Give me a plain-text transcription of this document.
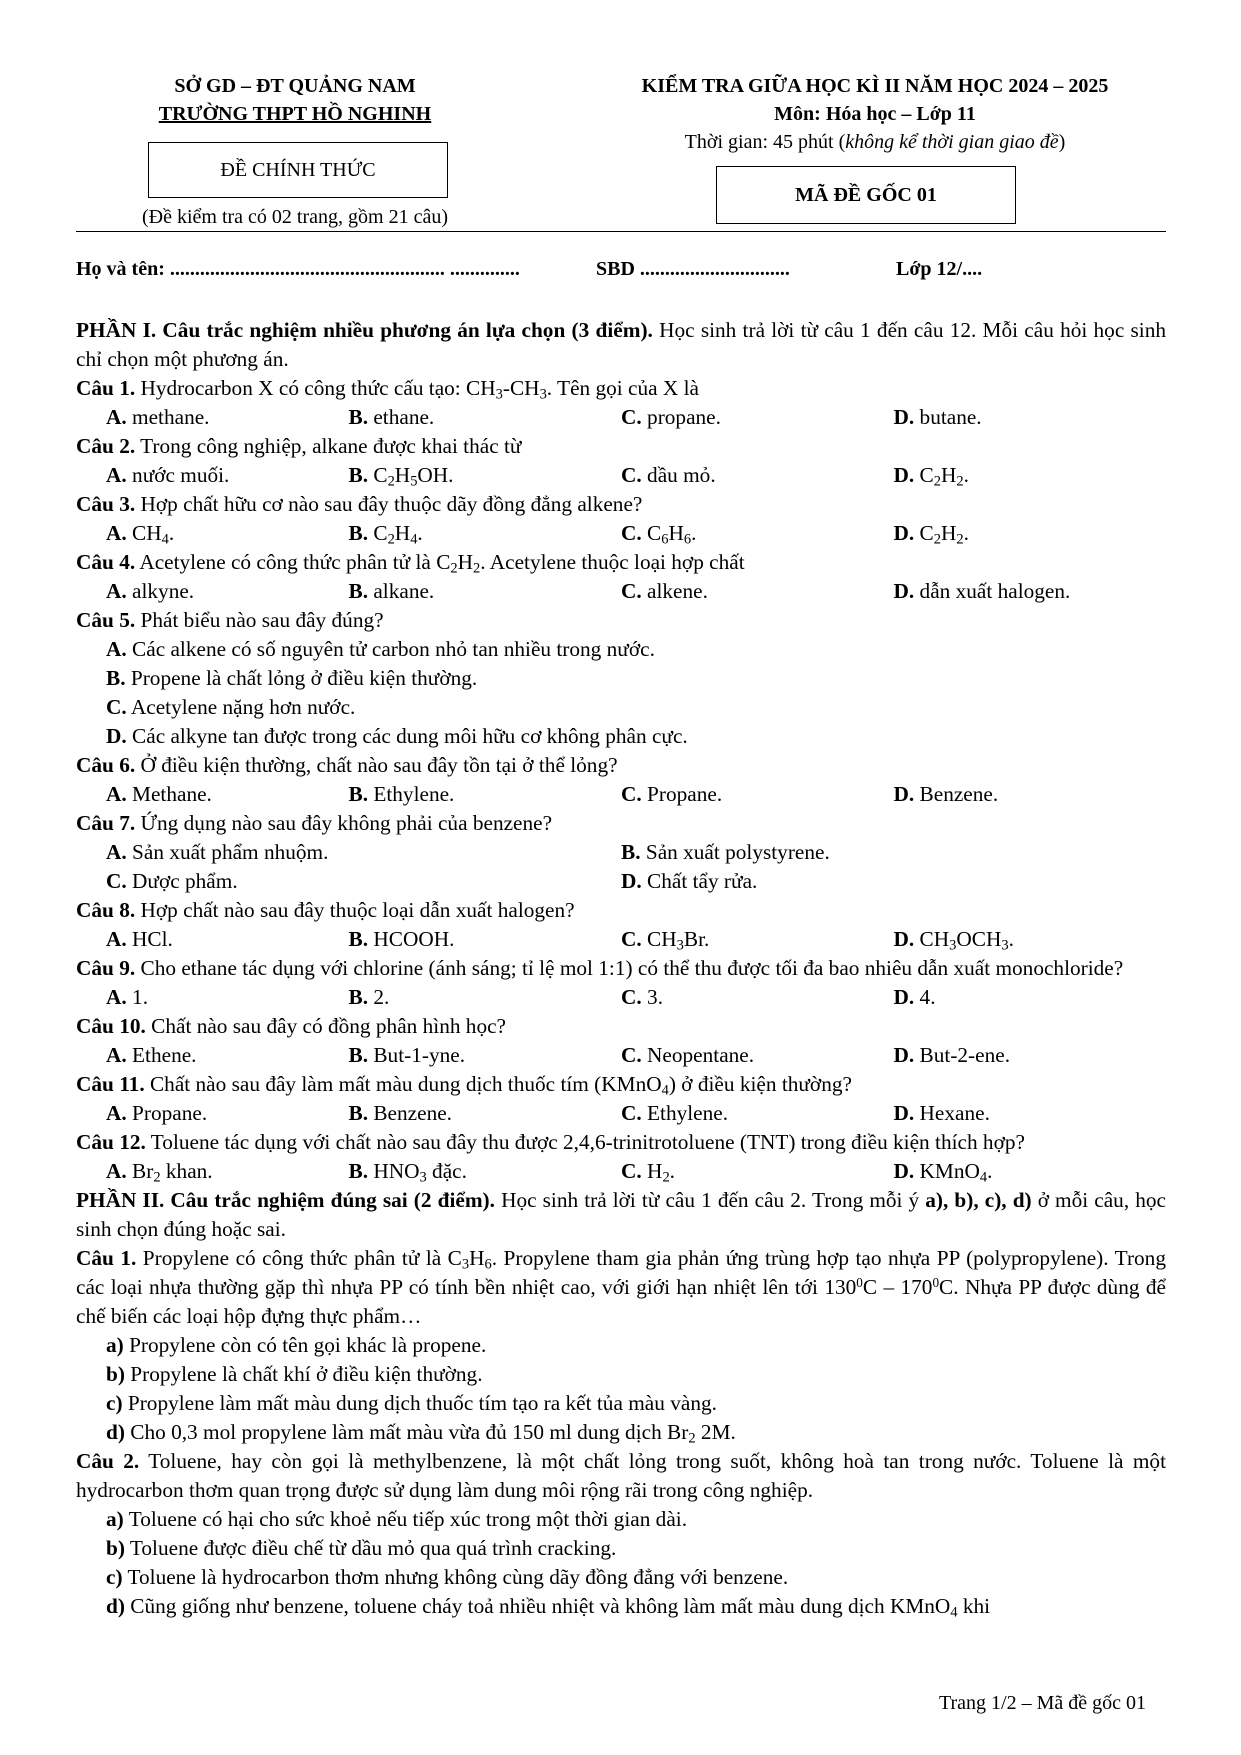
SỞ GD – ĐT QUẢNG NAM
TRƯỜNG THPT HỒ NGHINH
ĐỀ CHÍNH THỨC
(Đề kiểm tra có 02 trang, gồm 21 câu)
KIỂM TRA GIỮA HỌC KÌ II NĂM HỌC 2024 – 2025
Môn: Hóa học – Lớp 11
Thời gian: 45 phút (không kể thời gian giao đề)
MÃ ĐỀ GỐC 01
Họ và tên: ....................................................... ..............	SBD ..............................	Lớp 12/....

PHẦN I. Câu trắc nghiệm nhiều phương án lựa chọn (3 điểm). Học sinh trả lời từ câu 1 đến câu 12. Mỗi câu hỏi học sinh chỉ chọn một phương án.

Câu 1. Hydrocarbon X có công thức cấu tạo: $CH_3-CH_3$. Tên gọi của X là

A. methane.	B. ethane.	C. propane.	D. butane.

Câu 2. Trong công nghiệp, alkane được khai thác từ

A. nước muối.	B. $C_2H_5OH$.	C. dầu mỏ.	D. $C_2H_2$.

Câu 3. Hợp chất hữu cơ nào sau đây thuộc dãy đồng đẳng alkene?

A. $CH_4$.	B. $C_2H_4$.	C. $C_6H_6$.	D. $C_2H_2$.

Câu 4. Acetylene có công thức phân tử là $C_2H_2$. Acetylene thuộc loại hợp chất

A. alkyne.	B. alkane.	C. alkene.	D. dẫn xuất halogen.

Câu 5. Phát biểu nào sau đây đúng?

A. Các alkene có số nguyên tử carbon nhỏ tan nhiều trong nước.
B. Propene là chất lỏng ở điều kiện thường.
C. Acetylene nặng hơn nước.
D. Các alkyne tan được trong các dung môi hữu cơ không phân cực.

Câu 6. Ở điều kiện thường, chất nào sau đây tồn tại ở thể lỏng?

A. Methane.	B. Ethylene.	C. Propane.	D. Benzene.

Câu 7. Ứng dụng nào sau đây không phải của benzene?

A. Sản xuất phẩm nhuộm.	B. Sản xuất polystyrene.
C. Dược phẩm.	D. Chất tẩy rửa.

Câu 8. Hợp chất nào sau đây thuộc loại dẫn xuất halogen?

A. HCl.	B. HCOOH.	C. $CH_3Br$.	D. $CH_3OCH_3$.

Câu 9. Cho ethane tác dụng với chlorine (ánh sáng; tỉ lệ mol 1:1) có thể thu được tối đa bao nhiêu dẫn xuất monochloride?

A. 1.	B. 2.	C. 3.	D. 4.

Câu 10. Chất nào sau đây có đồng phân hình học?

A. Ethene.	B. But-1-yne.	C. Neopentane.	D. But-2-ene.

Câu 11. Chất nào sau đây làm mất màu dung dịch thuốc tím (KMnO$_4$) ở điều kiện thường?

A. Propane.	B. Benzene.	C. Ethylene.	D. Hexane.

Câu 12. Toluene tác dụng với chất nào sau đây thu được 2,4,6-trinitrotoluene (TNT) trong điều kiện thích hợp?

A. $Br_2$ khan.	B. $HNO_3$ đặc.	C. $H_2$.	D. KMnO$_4$.

PHẦN II. Câu trắc nghiệm đúng sai (2 điểm). Học sinh trả lời từ câu 1 đến câu 2. Trong mỗi ý a), b), c), d) ở mỗi câu, học sinh chọn đúng hoặc sai.

Câu 1. Propylene có công thức phân tử là $C_3H_6$. Propylene tham gia phản ứng trùng hợp tạo nhựa PP (polypropylene). Trong các loại nhựa thường gặp thì nhựa PP có tính bền nhiệt cao, với giới hạn nhiệt lên tới $130^0C - 170^0C$. Nhựa PP được dùng để chế biến các loại hộp đựng thực phẩm…

a) Propylene còn có tên gọi khác là propene.
b) Propylene là chất khí ở điều kiện thường.
c) Propylene làm mất màu dung dịch thuốc tím tạo ra kết tủa màu vàng.
d) Cho 0,3 mol propylene làm mất màu vừa đủ 150 ml dung dịch $Br_2$ 2M.

Câu 2. Toluene, hay còn gọi là methylbenzene, là một chất lỏng trong suốt, không hoà tan trong nước. Toluene là một hydrocarbon thơm quan trọng được sử dụng làm dung môi rộng rãi trong công nghiệp.

a) Toluene có hại cho sức khoẻ nếu tiếp xúc trong một thời gian dài.
b) Toluene được điều chế từ dầu mỏ qua quá trình cracking.
c) Toluene là hydrocarbon thơm nhưng không cùng dãy đồng đẳng với benzene.
d) Cũng giống như benzene, toluene cháy toả nhiều nhiệt và không làm mất màu dung dịch KMnO$_4$ khi
Trang 1/2 – Mã đề gốc 01
